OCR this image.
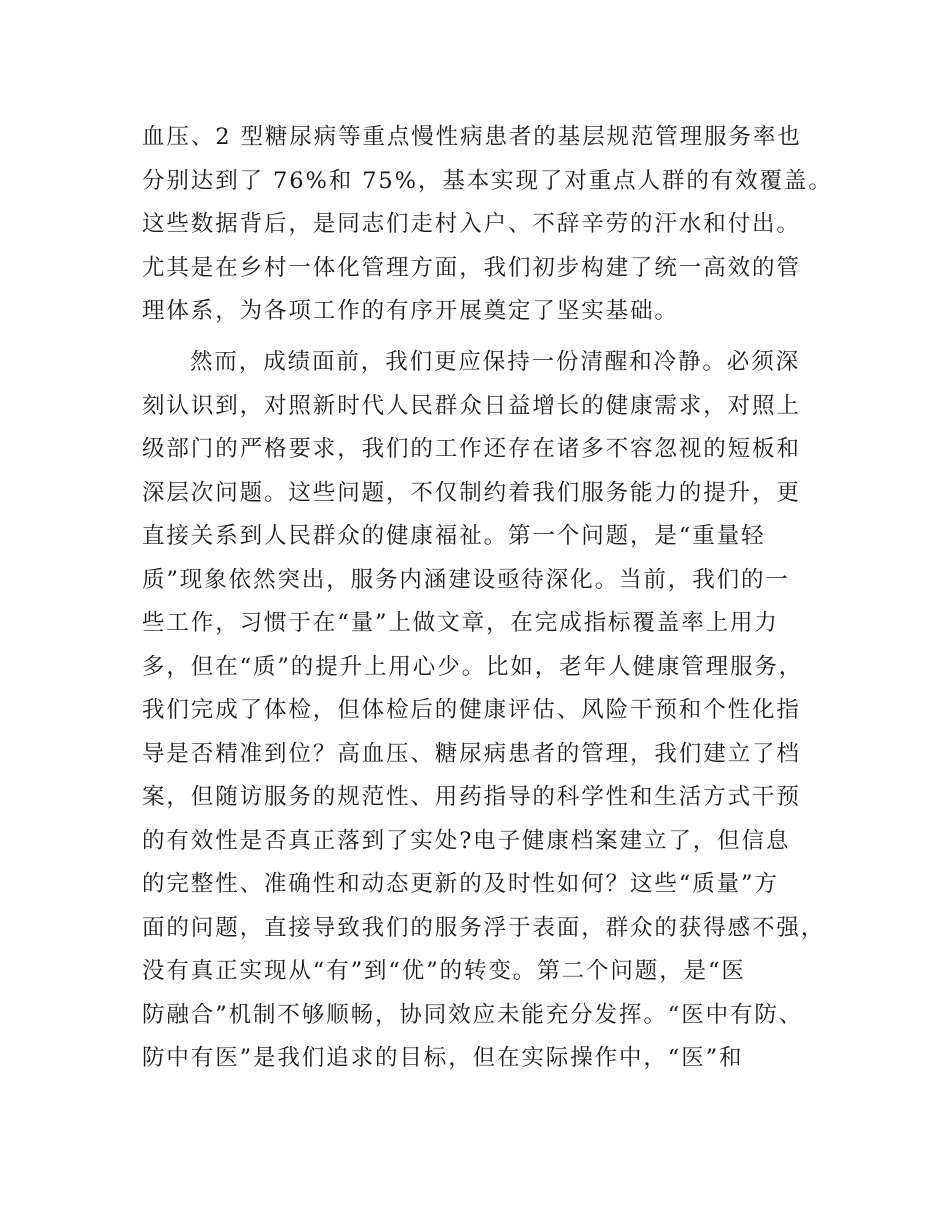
血压、2 型糖尿病等重点慢性病患者的基层规范管理服务率也
分别达到了 76%和 75%，基本实现了对重点人群的有效覆盖。
这些数据背后，是同志们走村入户、不辞辛劳的汗水和付出。
尤其是在乡村一体化管理方面，我们初步构建了统一高效的管
理体系，为各项工作的有序开展奠定了坚实基础。
然而，成绩面前，我们更应保持一份清醒和冷静。必须深
刻认识到，对照新时代人民群众日益增长的健康需求，对照上
级部门的严格要求，我们的工作还存在诸多不容忽视的短板和
深层次问题。这些问题，不仅制约着我们服务能力的提升，更
直接关系到人民群众的健康福祉。第一个问题，是“重量轻
质”现象依然突出，服务内涵建设亟待深化。当前，我们的一
些工作，习惯于在“量”上做文章，在完成指标覆盖率上用力
多，但在“质”的提升上用心少。比如，老年人健康管理服务，
我们完成了体检，但体检后的健康评估、风险干预和个性化指
导是否精准到位？高血压、糖尿病患者的管理，我们建立了档
案，但随访服务的规范性、用药指导的科学性和生活方式干预
的有效性是否真正落到了实处?电子健康档案建立了，但信息
的完整性、准确性和动态更新的及时性如何？这些“质量”方
面的问题，直接导致我们的服务浮于表面，群众的获得感不强，
没有真正实现从“有”到“优”的转变。第二个问题，是“医
防融合”机制不够顺畅，协同效应未能充分发挥。“医中有防、
防中有医”是我们追求的目标，但在实际操作中，“医”和
